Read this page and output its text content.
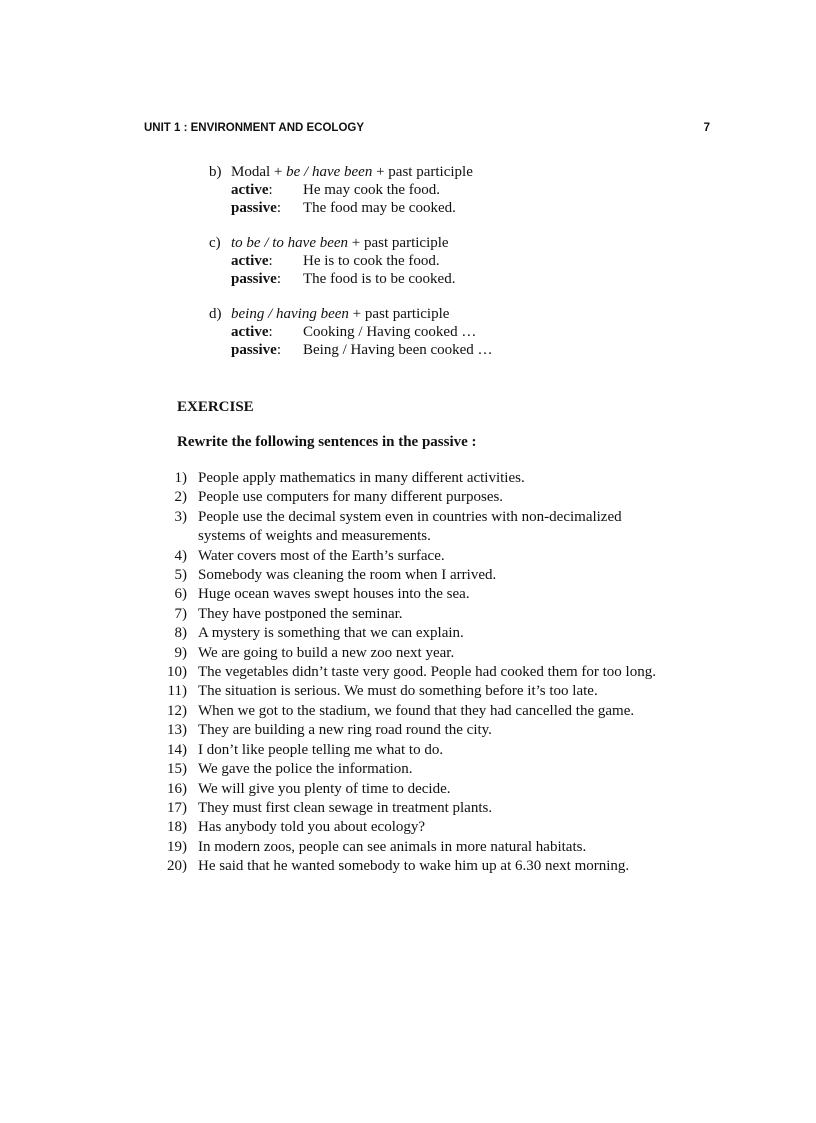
UNIT 1 : ENVIRONMENT AND ECOLOGY	7
b) Modal + be / have been + past participle
active:	He may cook the food.
passive:	The food may be cooked.
c) to be / to have been + past participle
active:	He is to cook the food.
passive:	The food is to be cooked.
d) being / having been + past participle
active:	Cooking / Having cooked …
passive:	Being / Having been cooked …
EXERCISE
Rewrite the following sentences in the passive :
1) People apply mathematics in many different activities.
2) People use computers for many different purposes.
3) People use the decimal system even in countries with non-decimalized
systems of weights and measurements.
4) Water covers most of the Earth’s surface.
5) Somebody was cleaning the room when I arrived.
6) Huge ocean waves swept houses into the sea.
7) They have postponed the seminar.
8) A mystery is something that we can explain.
9) We are going to build a new zoo next year.
10) The vegetables didn’t taste very good. People had cooked them for too long.
11) The situation is serious. We must do something before it’s too late.
12) When we got to the stadium, we found that they had cancelled the game.
13) They are building a new ring road round the city.
14) I don’t like people telling me what to do.
15) We gave the police the information.
16) We will give you plenty of time to decide.
17) They must first clean sewage in treatment plants.
18) Has anybody told you about ecology?
19) In modern zoos, people can see animals in more natural habitats.
20) He said that he wanted somebody to wake him up at 6.30 next morning.
